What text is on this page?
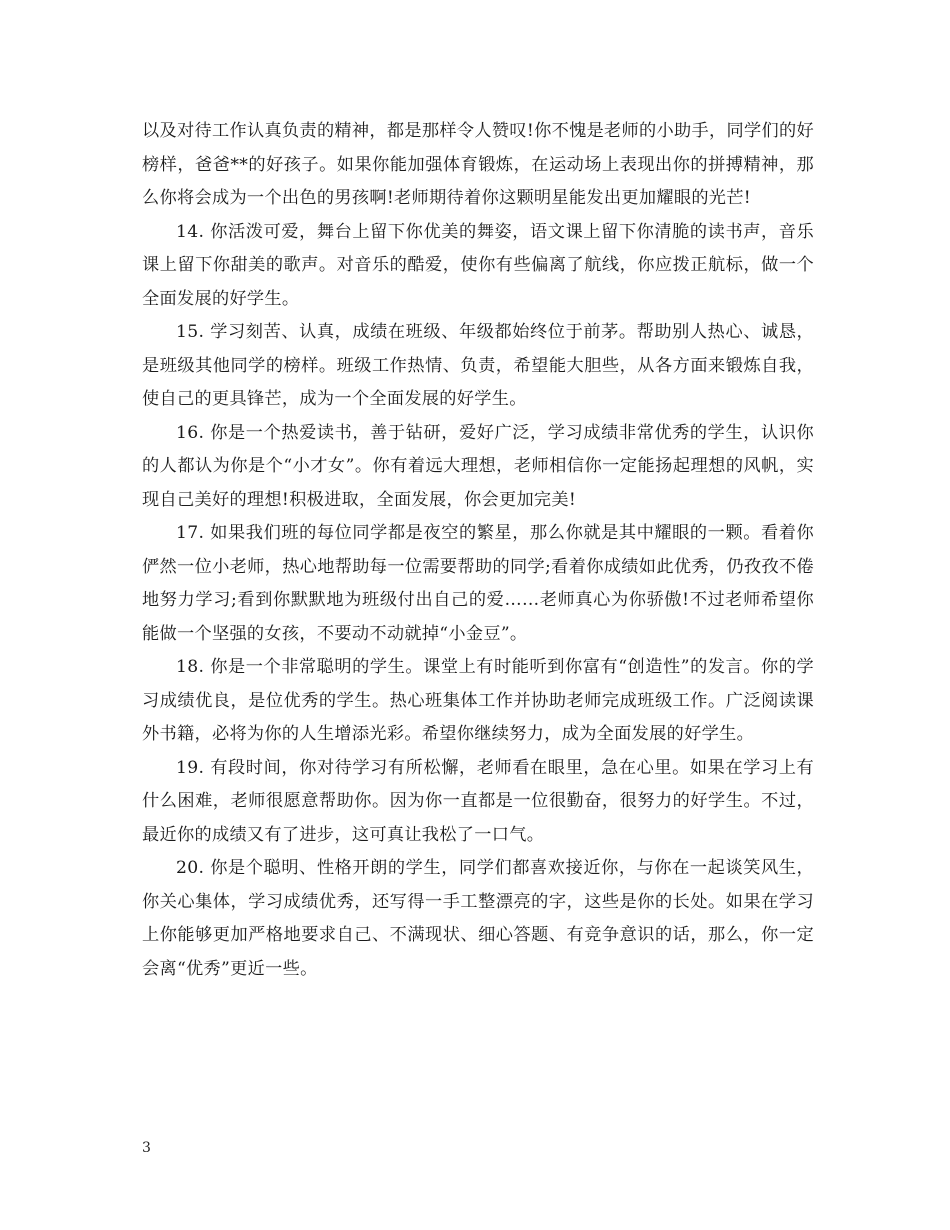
以及对待工作认真负责的精神，都是那样令人赞叹!你不愧是老师的小助手，同学们的好榜样，爸爸**的好孩子。如果你能加强体育锻炼，在运动场上表现出你的拼搏精神，那么你将会成为一个出色的男孩啊!老师期待着你这颗明星能发出更加耀眼的光芒!

14. 你活泼可爱，舞台上留下你优美的舞姿，语文课上留下你清脆的读书声，音乐课上留下你甜美的歌声。对音乐的酷爱，使你有些偏离了航线，你应拨正航标，做一个全面发展的好学生。

15. 学习刻苦、认真，成绩在班级、年级都始终位于前茅。帮助别人热心、诚恳，是班级其他同学的榜样。班级工作热情、负责，希望能大胆些，从各方面来锻炼自我，使自己的更具锋芒，成为一个全面发展的好学生。

16. 你是一个热爱读书，善于钻研，爱好广泛，学习成绩非常优秀的学生，认识你的人都认为你是个“小才女”。你有着远大理想，老师相信你一定能扬起理想的风帆，实现自己美好的理想!积极进取，全面发展，你会更加完美!

17. 如果我们班的每位同学都是夜空的繁星，那么你就是其中耀眼的一颗。看着你俨然一位小老师，热心地帮助每一位需要帮助的同学;看着你成绩如此优秀，仍孜孜不倦地努力学习;看到你默默地为班级付出自己的爱……老师真心为你骄傲!不过老师希望你能做一个坚强的女孩，不要动不动就掉“小金豆”。

18. 你是一个非常聪明的学生。课堂上有时能听到你富有“创造性”的发言。你的学习成绩优良，是位优秀的学生。热心班集体工作并协助老师完成班级工作。广泛阅读课外书籍，必将为你的人生增添光彩。希望你继续努力，成为全面发展的好学生。

19. 有段时间，你对待学习有所松懈，老师看在眼里，急在心里。如果在学习上有什么困难，老师很愿意帮助你。因为你一直都是一位很勤奋，很努力的好学生。不过，最近你的成绩又有了进步，这可真让我松了一口气。

20. 你是个聪明、性格开朗的学生，同学们都喜欢接近你，与你在一起谈笑风生，你关心集体，学习成绩优秀，还写得一手工整漂亮的字，这些是你的长处。如果在学习上你能够更加严格地要求自己、不满现状、细心答题、有竞争意识的话，那么，你一定会离“优秀”更近一些。

3
